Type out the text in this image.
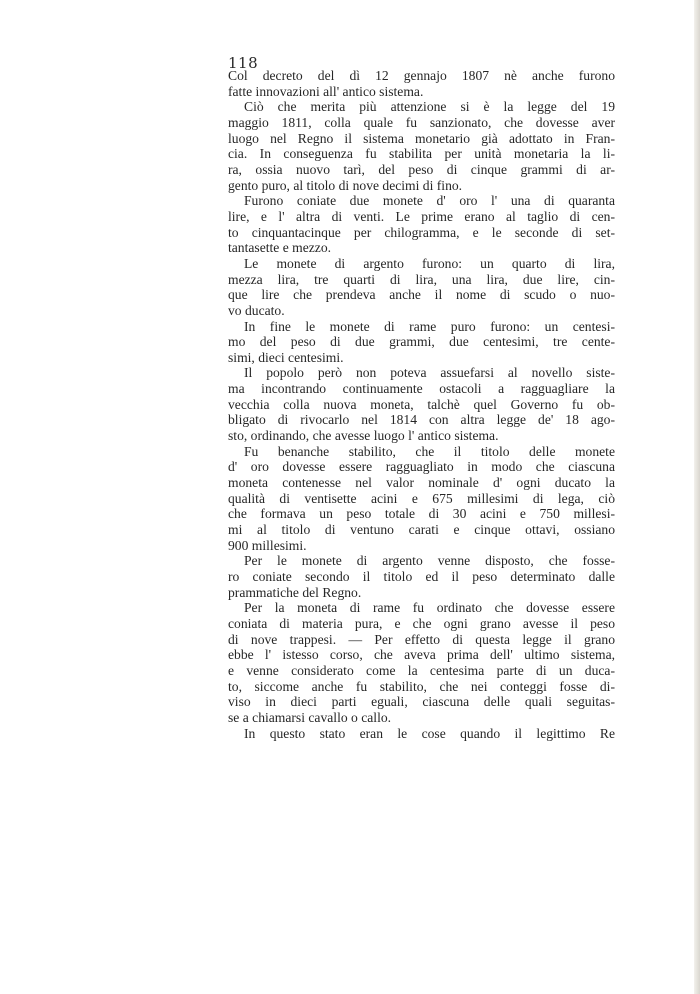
118
Col decreto del dì 12 gennajo 1807 nè anche furono
fatte innovazioni all' antico sistema.
Ciò che merita più attenzione si è la legge del 19
maggio 1811, colla quale fu sanzionato, che dovesse aver
luogo nel Regno il sistema monetario già adottato in Fran-
cia. In conseguenza fu stabilita per unità monetaria la li-
ra, ossia nuovo tarì, del peso di cinque grammi di ar-
gento puro, al titolo di nove decimi di fino.
Furono coniate due monete d' oro l' una di quaranta
lire, e l' altra di venti. Le prime erano al taglio di cen-
to cinquantacinque per chilogramma, e le seconde di set-
tantasette e mezzo.
Le monete di argento furono: un quarto di lira,
mezza lira, tre quarti di lira, una lira, due lire, cin-
que lire che prendeva anche il nome di scudo o nuo-
vo ducato.
In fine le monete di rame puro furono: un centesi-
mo del peso di due grammi, due centesimi, tre cente-
simi, dieci centesimi.
Il popolo però non poteva assuefarsi al novello siste-
ma incontrando continuamente ostacoli a ragguagliare la
vecchia colla nuova moneta, talchè quel Governo fu ob-
bligato di rivocarlo nel 1814 con altra legge de' 18 ago-
sto, ordinando, che avesse luogo l' antico sistema.
Fu benanche stabilito, che il titolo delle monete
d' oro dovesse essere ragguagliato in modo che ciascuna
moneta contenesse nel valor nominale d' ogni ducato la
qualità di ventisette acini e 675 millesimi di lega, ciò
che formava un peso totale di 30 acini e 750 millesi-
mi al titolo di ventuno carati e cinque ottavi, ossiano
900 millesimi.
Per le monete di argento venne disposto, che fosse-
ro coniate secondo il titolo ed il peso determinato dalle
prammatiche del Regno.
Per la moneta di rame fu ordinato che dovesse essere
coniata di materia pura, e che ogni grano avesse il peso
di nove trappesi. — Per effetto di questa legge il grano
ebbe l' istesso corso, che aveva prima dell' ultimo sistema,
e venne considerato come la centesima parte di un duca-
to, siccome anche fu stabilito, che nei conteggi fosse di-
viso in dieci parti eguali, ciascuna delle quali seguitas-
se a chiamarsi cavallo o callo.
In questo stato eran le cose quando il legittimo Re
